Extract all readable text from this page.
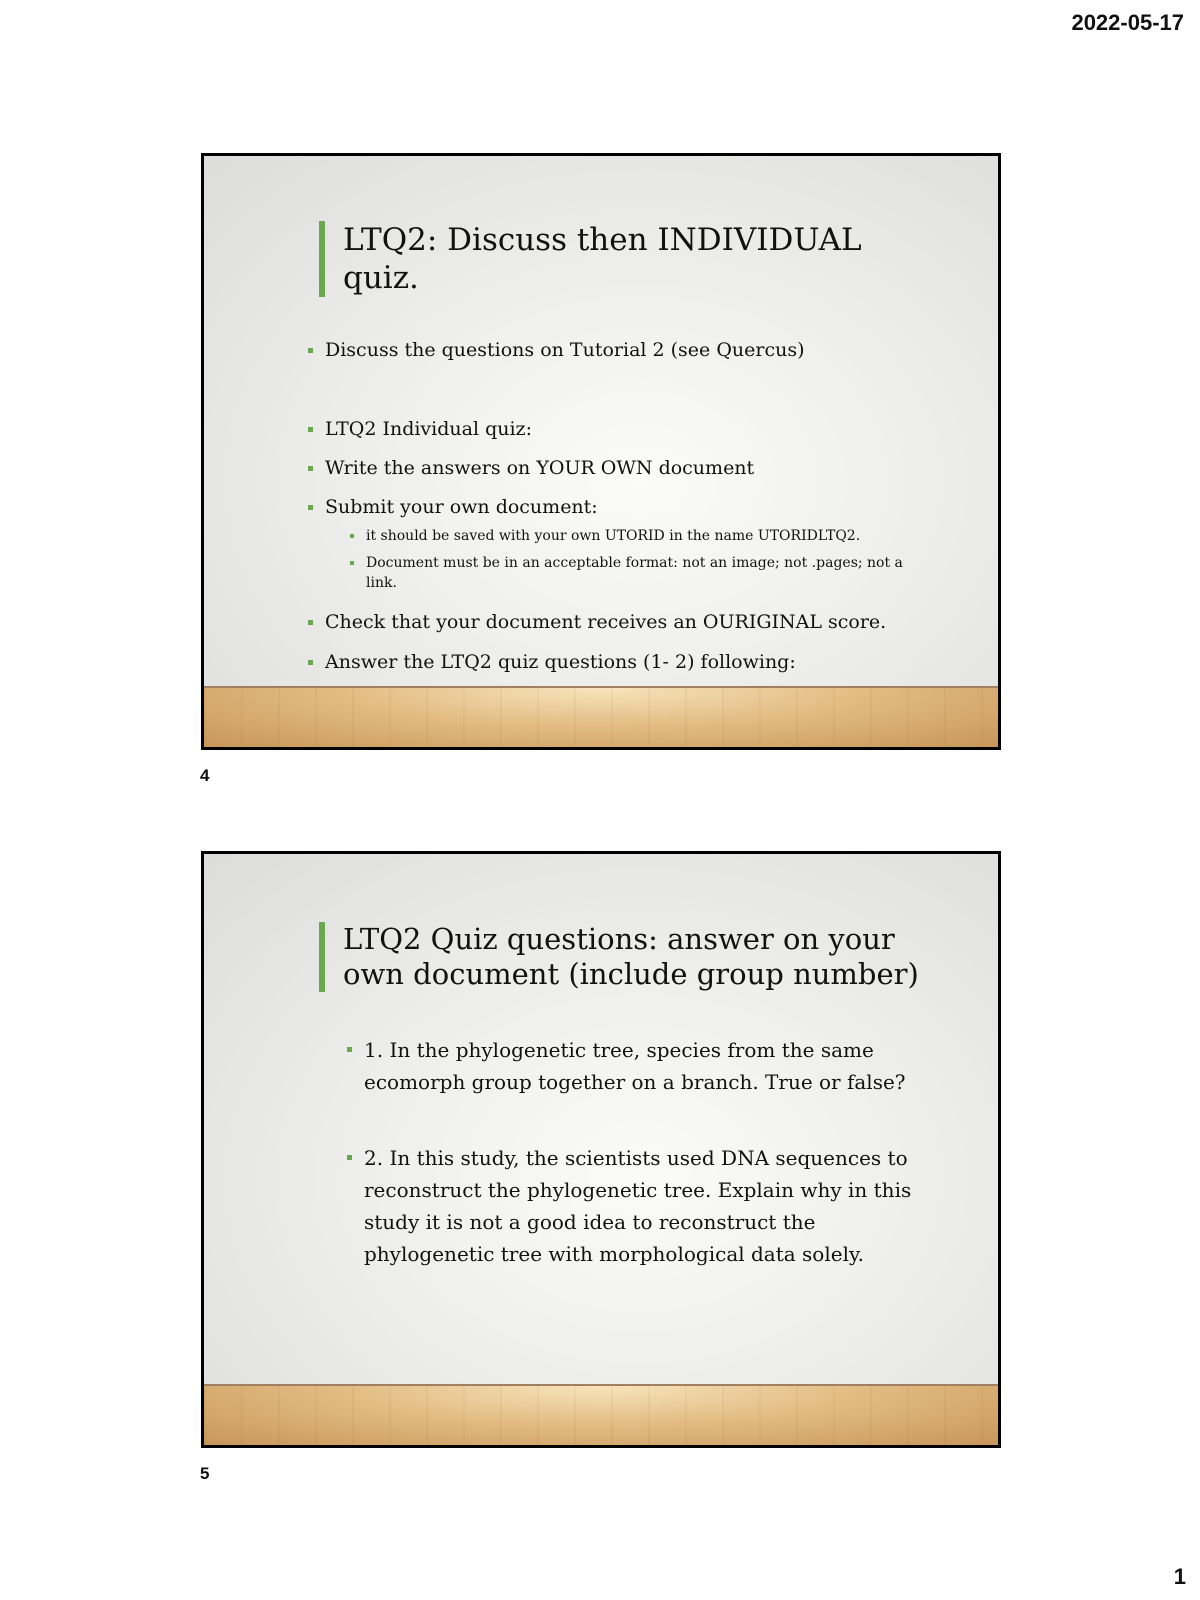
2022-05-17
LTQ2: Discuss then INDIVIDUAL
quiz.
Discuss the questions on Tutorial 2 (see Quercus)
LTQ2 Individual quiz:
Write the answers on YOUR OWN document
Submit your own document:
it should be saved with your own UTORID in the name UTORIDLTQ2.
Document must be in an acceptable format: not an image; not .pages; not a link.
Check that your document receives an OURIGINAL score.
Answer the LTQ2 quiz questions (1- 2) following:
4
LTQ2 Quiz questions: answer on your
own document (include group number)
1. In the phylogenetic tree, species from the same ecomorph group together on a branch. True or false?
2. In this study, the scientists used DNA sequences to reconstruct the phylogenetic tree. Explain why in this study it is not a good idea to reconstruct the phylogenetic tree with morphological data solely.
5
1
